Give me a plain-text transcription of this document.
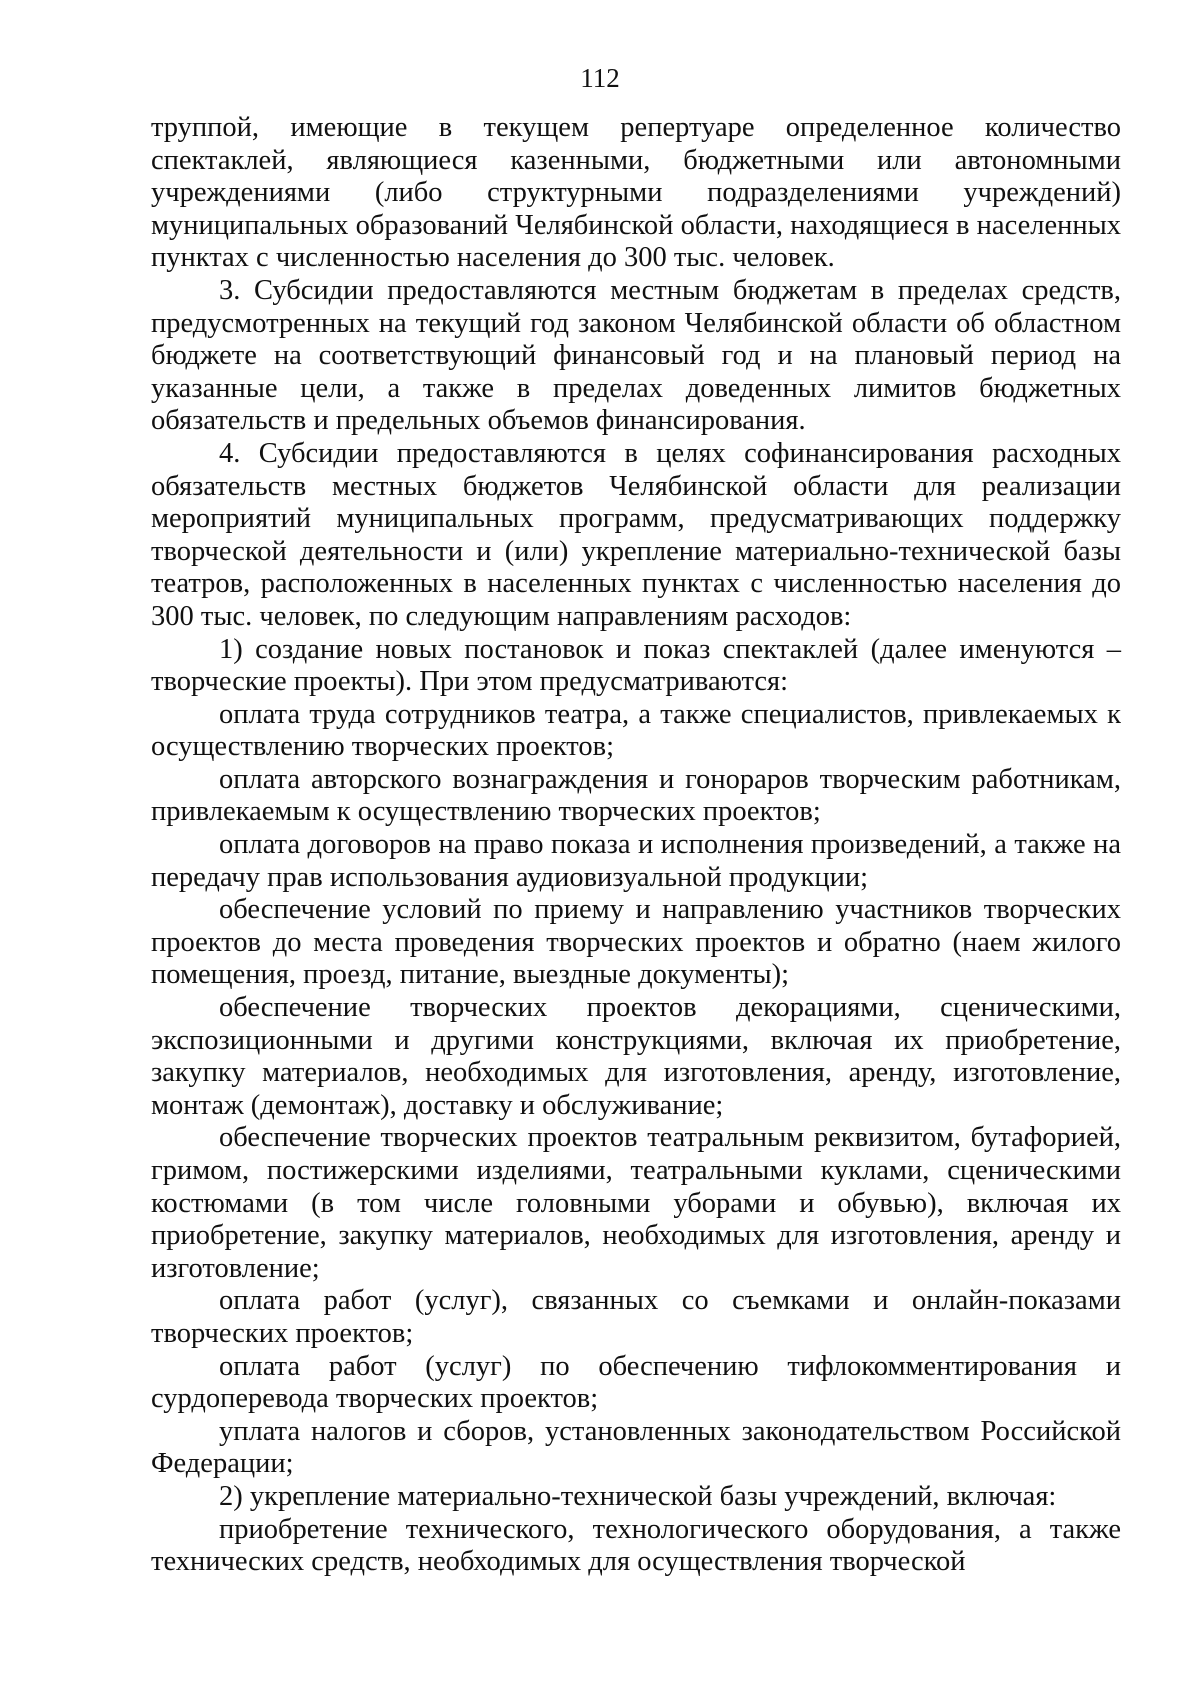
112

труппой, имеющие в текущем репертуаре определенное количество спектаклей, являющиеся казенными, бюджетными или автономными учреждениями (либо структурными подразделениями учреждений) муниципальных образований Челябинской области, находящиеся в населенных пунктах с численностью населения до 300 тыс. человек.

3. Субсидии предоставляются местным бюджетам в пределах средств, предусмотренных на текущий год законом Челябинской области об областном бюджете на соответствующий финансовый год и на плановый период на указанные цели, а также в пределах доведенных лимитов бюджетных обязательств и предельных объемов финансирования.

4. Субсидии предоставляются в целях софинансирования расходных обязательств местных бюджетов Челябинской области для реализации мероприятий муниципальных программ, предусматривающих поддержку творческой деятельности и (или) укрепление материально-технической базы театров, расположенных в населенных пунктах с численностью населения до 300 тыс. человек, по следующим направлениям расходов:

1) создание новых постановок и показ спектаклей (далее именуются – творческие проекты). При этом предусматриваются:

оплата труда сотрудников театра, а также специалистов, привлекаемых к осуществлению творческих проектов;

оплата авторского вознаграждения и гонораров творческим работникам, привлекаемым к осуществлению творческих проектов;

оплата договоров на право показа и исполнения произведений, а также на передачу прав использования аудиовизуальной продукции;

обеспечение условий по приему и направлению участников творческих проектов до места проведения творческих проектов и обратно (наем жилого помещения, проезд, питание, выездные документы);

обеспечение творческих проектов декорациями, сценическими, экспозиционными и другими конструкциями, включая их приобретение, закупку материалов, необходимых для изготовления, аренду, изготовление, монтаж (демонтаж), доставку и обслуживание;

обеспечение творческих проектов театральным реквизитом, бутафорией, гримом, постижерскими изделиями, театральными куклами, сценическими костюмами (в том числе головными уборами и обувью), включая их приобретение, закупку материалов, необходимых для изготовления, аренду и изготовление;

оплата работ (услуг), связанных со съемками и онлайн-показами творческих проектов;

оплата работ (услуг) по обеспечению тифлокомментирования и сурдоперевода творческих проектов;

уплата налогов и сборов, установленных законодательством Российской Федерации;

2) укрепление материально-технической базы учреждений, включая:

приобретение технического, технологического оборудования, а также технических средств, необходимых для осуществления творческой
